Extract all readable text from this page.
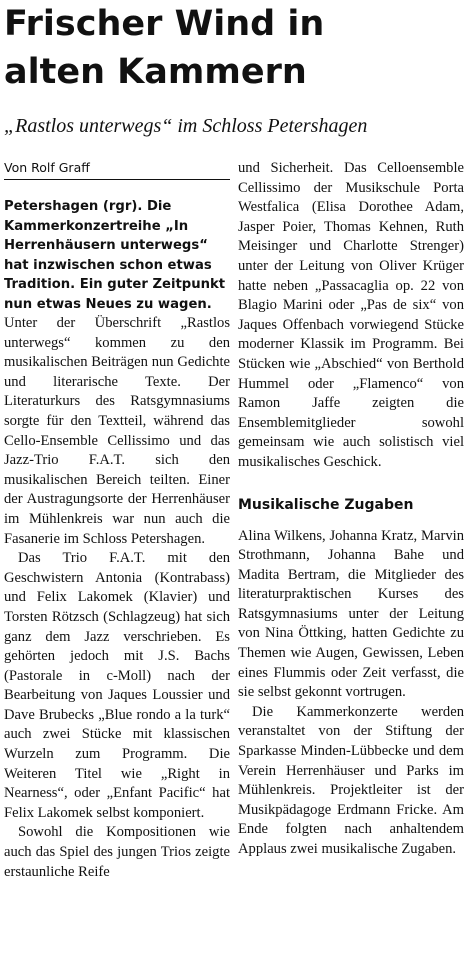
Frischer Wind in
alten Kammern

„Rastlos unterwegs“ im Schloss Petershagen

Von Rolf Graff

Petershagen (rgr). Die Kammerkonzertreihe „In Herrenhäusern unterwegs“ hat inzwischen schon etwas Tradition. Ein guter Zeitpunkt nun etwas Neues zu wagen.

Unter der Überschrift „Rastlos unterwegs“ kommen zu den musikalischen Beiträgen nun Gedichte und literarische Texte. Der Literaturkurs des Ratsgymnasiums sorgte für den Textteil, während das Cello-Ensemble Cellissimo und das Jazz-Trio F.A.T. sich den musikalischen Bereich teilten. Einer der Austragungsorte der Herrenhäuser im Mühlenkreis war nun auch die Fasanerie im Schloss Petershagen.

Das Trio F.A.T. mit den Geschwistern Antonia (Kontrabass) und Felix Lakomek (Klavier) und Torsten Rötzsch (Schlagzeug) hat sich ganz dem Jazz verschrieben. Es gehörten jedoch mit J.S. Bachs (Pastorale in c-Moll) nach der Bearbeitung von Jaques Loussier und Dave Brubecks „Blue rondo a la turk“ auch zwei Stücke mit klassischen Wurzeln zum Programm. Die Weiteren Titel wie „Right in Nearness“, oder „Enfant Pacific“ hat Felix Lakomek selbst komponiert.

Sowohl die Kompositionen wie auch das Spiel des jungen Trios zeigte erstaunliche Reife

und Sicherheit. Das Celloensemble Cellissimo der Musikschule Porta Westfalica (Elisa Dorothee Adam, Jasper Poier, Thomas Kehnen, Ruth Meisinger und Charlotte Strenger) unter der Leitung von Oliver Krüger hatte neben „Passacaglia op. 22 von Blagio Marini oder „Pas de six“ von Jaques Offenbach vorwiegend Stücke moderner Klassik im Programm. Bei Stücken wie „Abschied“ von Berthold Hummel oder „Flamenco“ von Ramon Jaffe zeigten die Ensemblemitglieder sowohl gemeinsam wie auch solistisch viel musikalisches Geschick.

Musikalische Zugaben

Alina Wilkens, Johanna Kratz, Marvin Strothmann, Johanna Bahe und Madita Bertram, die Mitglieder des literaturpraktischen Kurses des Ratsgymnasiums unter der Leitung von Nina Öttking, hatten Gedichte zu Themen wie Augen, Gewissen, Leben eines Flummis oder Zeit verfasst, die sie selbst gekonnt vortrugen.

Die Kammerkonzerte werden veranstaltet von der Stiftung der Sparkasse Minden-Lübbecke und dem Verein Herrenhäuser und Parks im Mühlenkreis. Projektleiter ist der Musikpädagoge Erdmann Fricke. Am Ende folgten nach anhaltendem Applaus zwei musikalische Zugaben.
